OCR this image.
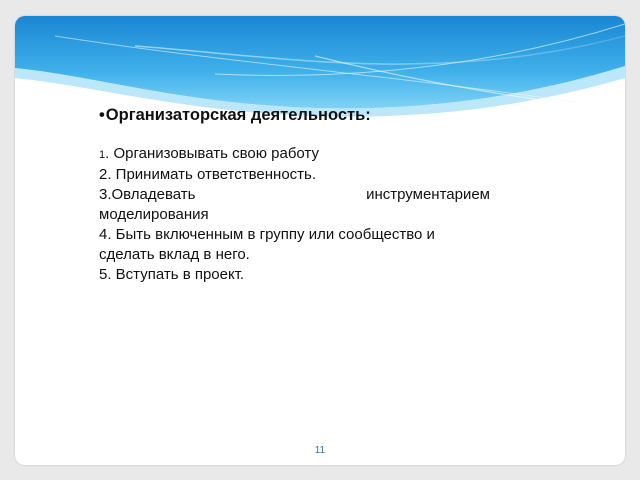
•Организаторская деятельность:

1. Организовывать свою работу

2. Принимать ответственность.

3.Овладевать	инструментарием

моделирования

4. Быть включенным в группу или сообщество и сделать вклад в него.

5. Вступать в проект.

11
